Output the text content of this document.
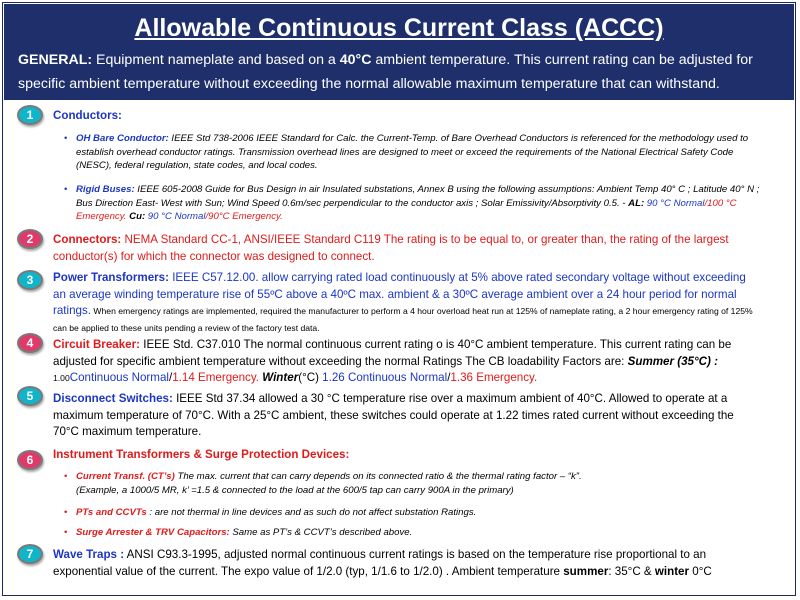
Allowable Continuous Current Class (ACCC)
GENERAL: Equipment nameplate and based on a 40°C ambient temperature. This current rating can be adjusted for specific ambient temperature without exceeding the normal allowable maximum temperature that can withstand.
1	Conductors:
• OH Bare Conductor: IEEE Std 738-2006 IEEE Standard for Calc. the Current-Temp. of Bare Overhead Conductors is referenced for the methodology used to establish overhead conductor ratings. Transmission overhead lines are designed to meet or exceed the requirements of the National Electrical Safety Code (NESC), federal regulation, state codes, and local codes.
• Rigid Buses: IEEE 605-2008 Guide for Bus Design in air Insulated substations, Annex B using the following assumptions: Ambient Temp 40° C ; Latitude 40° N ; Bus Direction East- West with Sun; Wind Speed 0.6m/sec perpendicular to the conductor axis ; Solar Emissivity/Absorptivity 0.5. - AL: 90 °C Normal/100 °C Emergency. Cu: 90 °C Normal/90°C Emergency.
2	Connectors: NEMA Standard CC-1, ANSI/IEEE Standard C119 The rating is to be equal to, or greater than, the rating of the largest conductor(s) for which the connector was designed to connect.
3	Power Transformers: IEEE C57.12.00. allow carrying rated load continuously at 5% above rated secondary voltage without exceeding an average winding temperature rise of 55ºC above a 40ºC max. ambient & a 30ºC average ambient over a 24 hour period for normal ratings. When emergency ratings are implemented, required the manufacturer to perform a 4 hour overload heat run at 125% of nameplate rating, a 2 hour emergency rating of 125% can be applied to these units pending a review of the factory test data.
4	Circuit Breaker: IEEE Std. C37.010 The normal continuous current rating o is 40°C ambient temperature. This current rating can be adjusted for specific ambient temperature without exceeding the normal Ratings The CB loadability Factors are: Summer (35°C) : 1.00Continuous Normal/1.14 Emergency. Winter(°C) 1.26 Continuous Normal/1.36 Emergency.
5	Disconnect Switches: IEEE Std 37.34 allowed a 30 °C temperature rise over a maximum ambient of 40°C. Allowed to operate at a maximum temperature of 70°C. With a 25°C ambient, these switches could operate at 1.22 times rated current without exceeding the 70°C maximum temperature.
6	Instrument Transformers & Surge Protection Devices:
• Current Transf. (CT’s) The max. current that can carry depends on its connected ratio & the thermal rating factor – “k”.
(Example, a 1000/5 MR, k’ =1.5 & connected to the load at the 600/5 tap can carry 900A in the primary)
• PTs and CCVTs : are not thermal in line devices and as such do not affect substation Ratings.
• Surge Arrester & TRV Capacitors: Same as PT’s & CCVT’s described above.
7	Wave Traps : ANSI C93.3-1995, adjusted normal continuous current ratings is based on the temperature rise proportional to an exponential value of the current. The expo value of 1/2.0 (typ, 1/1.6 to 1/2.0) . Ambient temperature summer: 35°C & winter 0°C
